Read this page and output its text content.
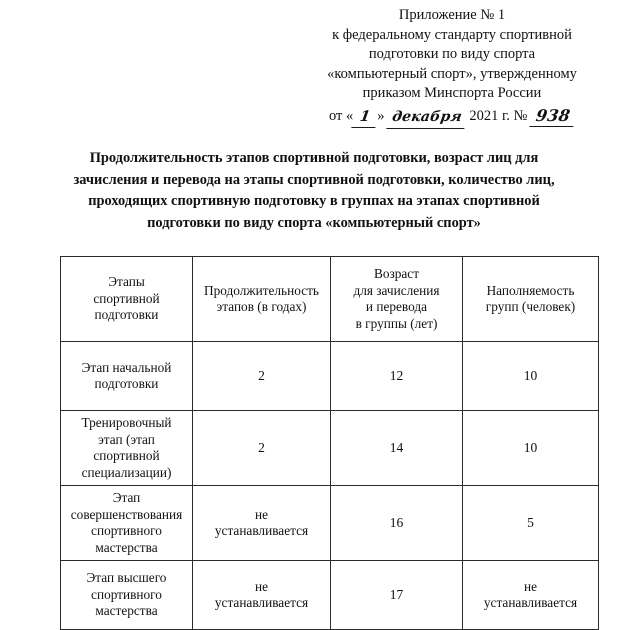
Приложение № 1
к федеральному стандарту спортивной
подготовки по виду спорта
«компьютерный спорт», утвержденному
приказом Минспорта России
от « 1 » декабря 2021 г. № 938
Продолжительность этапов спортивной подготовки, возраст лиц для
зачисления и перевода на этапы спортивной подготовки, количество лиц,
проходящих спортивную подготовку в группах на этапах спортивной
подготовки по виду спорта «компьютерный спорт»
Этапы
спортивной
подготовки	Продолжительность
этапов (в годах)	Возраст
для зачисления
и перевода
в группы (лет)	Наполняемость
групп (человек)

Этап начальной
подготовки	2	12	10

Тренировочный
этап (этап
спортивной
специализации)	2	14	10

Этап
совершенствования
спортивного
мастерства	не
устанавливается	16	5

Этап высшего
спортивного
мастерства	не
устанавливается	17	не
устанавливается
